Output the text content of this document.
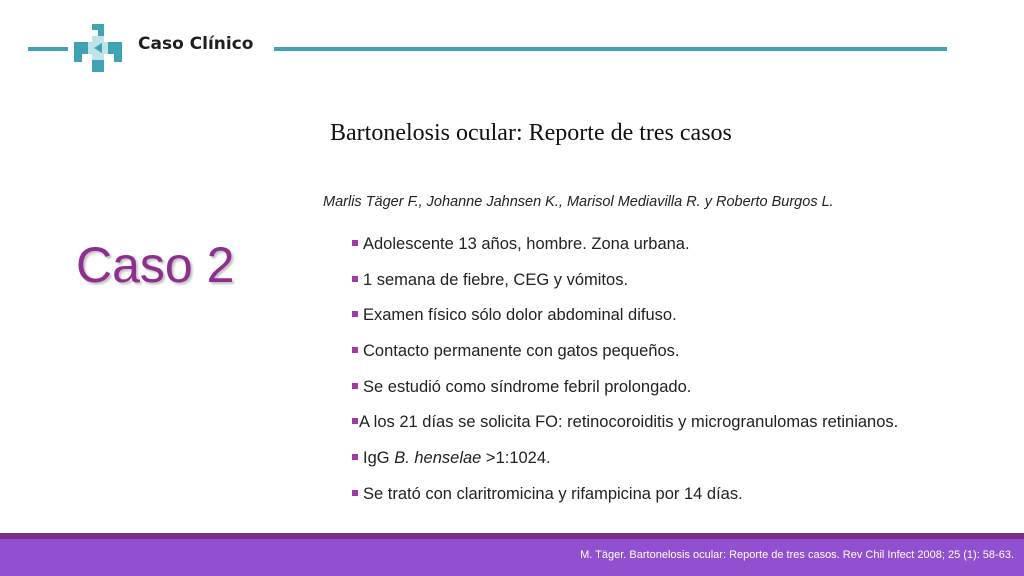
Caso Clínico
Caso 2
Bartonelosis ocular: Reporte de tres casos
Marlis Täger F., Johanne Jahnsen K., Marisol Mediavilla R. y Roberto Burgos L.
Adolescente 13 años, hombre. Zona urbana.
1 semana de fiebre, CEG y vómitos.
Examen físico sólo dolor abdominal difuso.
Contacto permanente con gatos pequeños.
Se estudió como síndrome febril prolongado.
A los 21 días se solicita FO: retinocoroiditis y microgranulomas retinianos.
IgG B. henselae >1:1024.
Se trató con claritromicina y rifampicina por 14 días.
M. Täger. Bartonelosis ocular: Reporte de tres casos. Rev Chil Infect 2008; 25 (1): 58-63.
